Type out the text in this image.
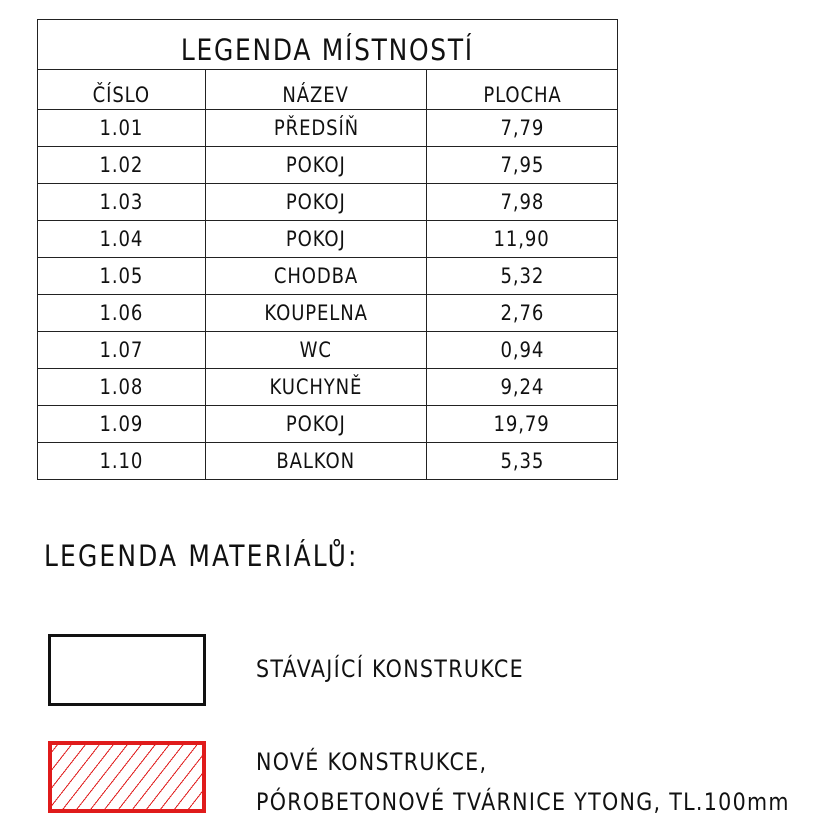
LEGENDA MÍSTNOSTÍ		
ČÍSLO	NÁZEV	PLOCHA
1.01	PŘEDSÍŇ	7,79
1.02	POKOJ	7,95
1.03	POKOJ	7,98
1.04	POKOJ	11,90
1.05	CHODBA	5,32
1.06	KOUPELNA	2,76
1.07	WC	0,94
1.08	KUCHYNĚ	9,24
1.09	POKOJ	19,79
1.10	BALKON	5,35
LEGENDA MATERIÁLŮ:
STÁVAJÍCÍ KONSTRUKCE
NOVÉ KONSTRUKCE,
PÓROBETONOVÉ TVÁRNICE YTONG, TL.100mm
